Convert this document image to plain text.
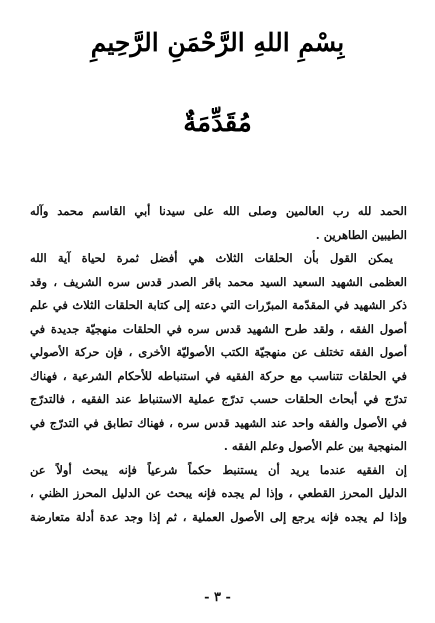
بِسْمِ اللهِ الرَّحْمَنِ الرَّحِيمِ
مُقَدِّمَةٌ
الحمد لله رب العالمين وصلى الله على سيدنا أبي القاسم محمد وآله
الطيبين الطاهرين .
يمكن القول بأن الحلقات الثلاث هي أفضل ثمرة لحياة آية الله
العظمى الشهيد السعيد السيد محمد باقر الصدر قدس سره الشريف ، وقد
ذكر الشهيد في المقدّمة المبرّرات التي دعته إلى كتابة الحلقات الثلاث في علم
أصول الفقه ، ولقد طرح الشهيد قدس سره في الحلقات منهجيّة جديدة في
أصول الفقه تختلف عن منهجيّة الكتب الأصوليّة الأخرى ، فإن حركة الأصولي
في الحلقات تتناسب مع حركة الفقيه في استنباطه للأحكام الشرعية ، فهناك
تدرّج في أبحاث الحلقات حسب تدرّج عملية الاستنباط عند الفقيه ، فالتدرّج
في الأصول والفقه واحد عند الشهيد قدس سره ، فهناك تطابق في التدرّج في
المنهجية بين علم الأصول وعلم الفقه .
إن الفقيه عندما يريد أن يستنبط حكماً شرعياً فإنه يبحث أولاً عن
الدليل المحرز القطعي ، وإذا لم يجده فإنه يبحث عن الدليل المحرز الظني ،
وإذا لم يجده فإنه يرجع إلى الأصول العملية ، ثم إذا وجد عدة أدلة متعارضة
- ٣ -
